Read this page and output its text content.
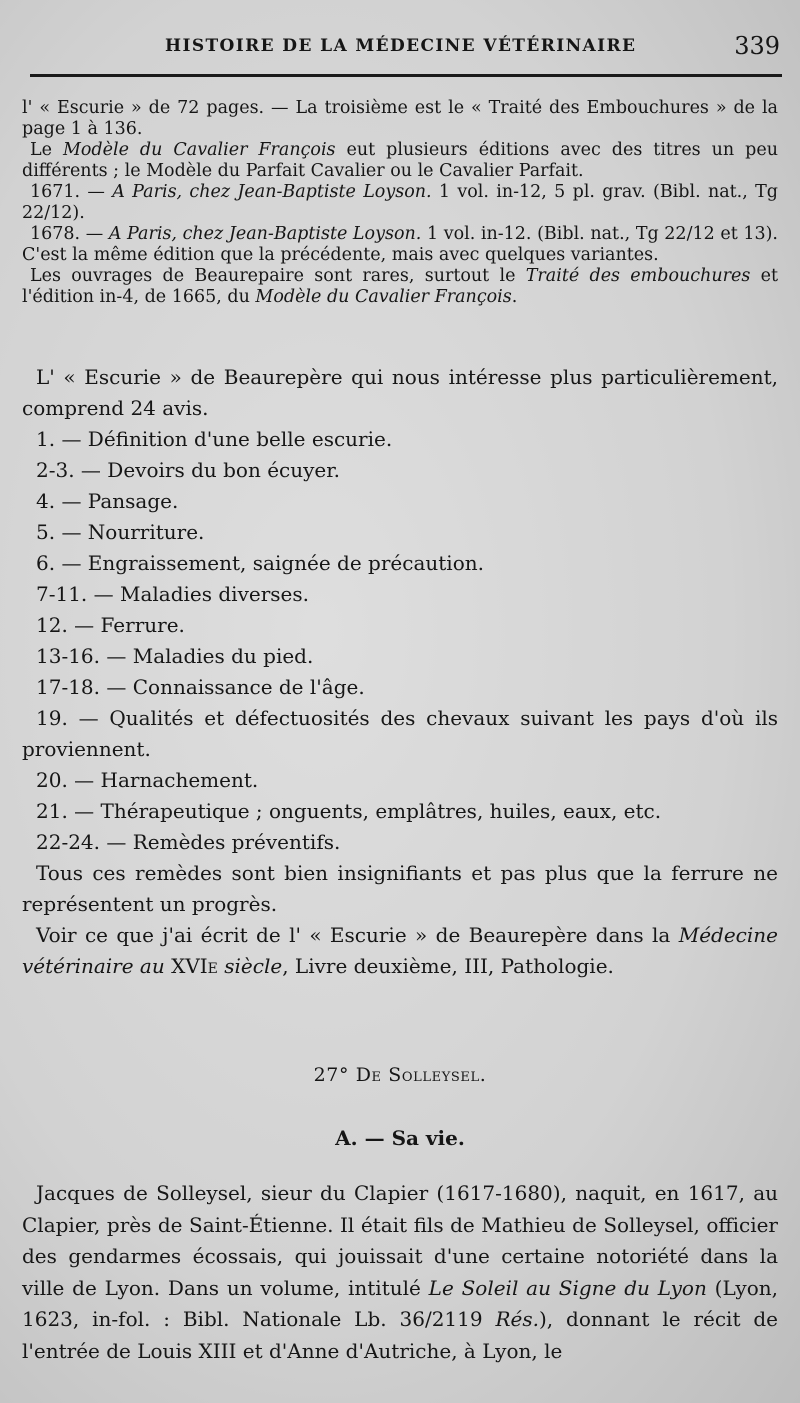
HISTOIRE DE LA MÉDECINE VÉTÉRINAIRE	339

l' « Escurie » de 72 pages. — La troisième est le « Traité des Embouchures » de la page 1 à 136.

Le Modèle du Cavalier François eut plusieurs éditions avec des titres un peu différents ; le Modèle du Parfait Cavalier ou le Cavalier Parfait.

1671. — A Paris, chez Jean-Baptiste Loyson. 1 vol. in-12, 5 pl. grav. (Bibl. nat., Tg 22/12).

1678. — A Paris, chez Jean-Baptiste Loyson. 1 vol. in-12. (Bibl. nat., Tg 22/12 et 13). C'est la même édition que la précédente, mais avec quelques variantes.

Les ouvrages de Beaurepaire sont rares, surtout le Traité des embouchures et l'édition in-4, de 1665, du Modèle du Cavalier François.

L' « Escurie » de Beaurepère qui nous intéresse plus particulièrement, comprend 24 avis.

1. — Définition d'une belle escurie.

2-3. — Devoirs du bon écuyer.

4. — Pansage.

5. — Nourriture.

6. — Engraissement, saignée de précaution.

7-11. — Maladies diverses.

12. — Ferrure.

13-16. — Maladies du pied.

17-18. — Connaissance de l'âge.

19. — Qualités et défectuosités des chevaux suivant les pays d'où ils proviennent.

20. — Harnachement.

21. — Thérapeutique ; onguents, emplâtres, huiles, eaux, etc.

22-24. — Remèdes préventifs.

Tous ces remèdes sont bien insignifiants et pas plus que la ferrure ne représentent un progrès.

Voir ce que j'ai écrit de l' « Escurie » de Beaurepère dans la Médecine vétérinaire au XVIe siècle, Livre deuxième, III, Pathologie.

27° De Solleysel.
A. — Sa vie.

Jacques de Solleysel, sieur du Clapier (1617-1680), naquit, en 1617, au Clapier, près de Saint-Étienne. Il était fils de Mathieu de Solleysel, officier des gendarmes écossais, qui jouissait d'une certaine notoriété dans la ville de Lyon. Dans un volume, intitulé Le Soleil au Signe du Lyon (Lyon, 1623, in-fol. : Bibl. Nationale Lb. 36/2119 Rés.), donnant le récit de l'entrée de Louis XIII et d'Anne d'Autriche, à Lyon, le
